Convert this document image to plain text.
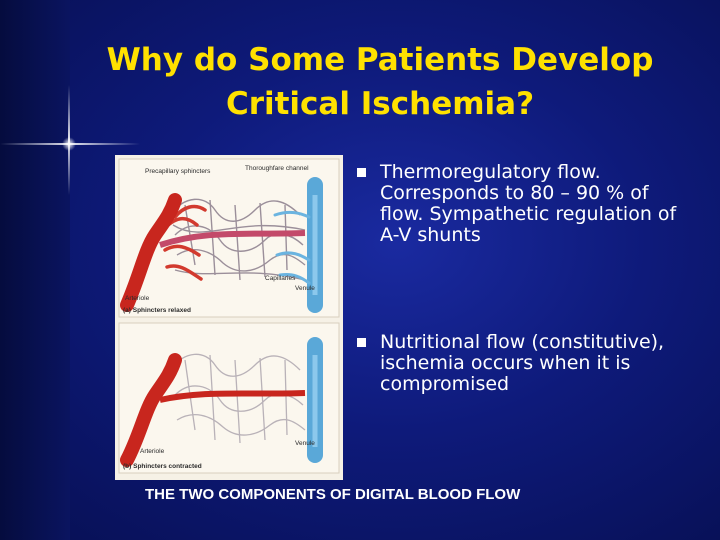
Why do Some Patients Develop
Critical Ischemia?
Precapillary sphincters	Thoroughfare channel
Capillaries
Arteriole
Venule
(a) Sphincters relaxed
Arteriole
Venule
(b) Sphincters contracted
Thermoregulatory flow. Corresponds to 80 – 90 % of flow. Sympathetic regulation of A-V shunts
Nutritional flow (constitutive), ischemia occurs when it is compromised
THE TWO COMPONENTS OF DIGITAL BLOOD FLOW
